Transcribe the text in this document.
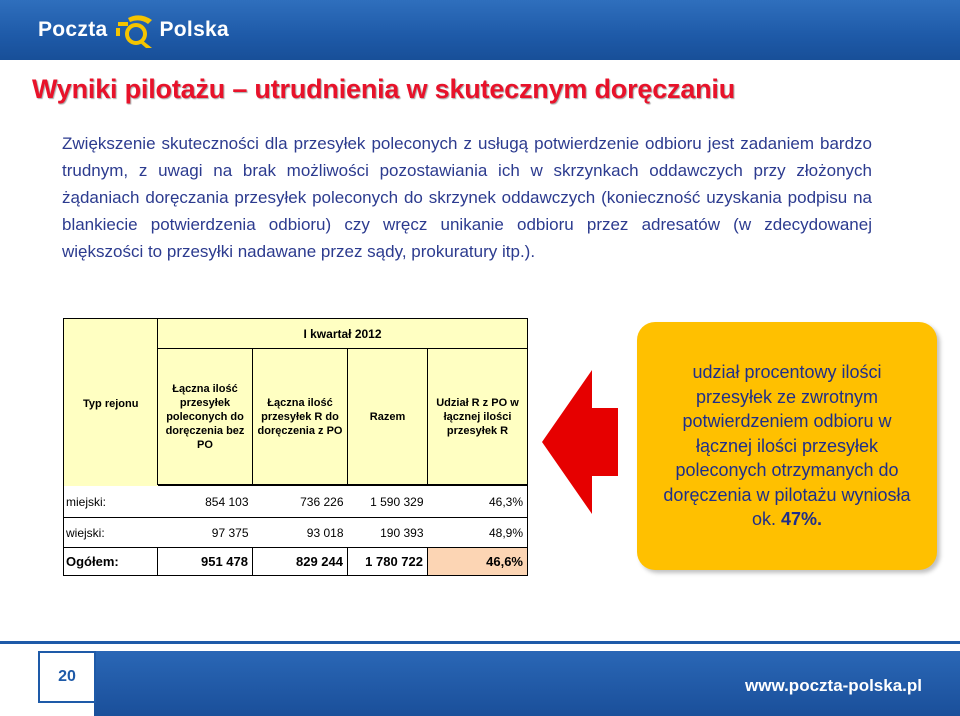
Poczta Polska
Wyniki pilotażu – utrudnienia w skutecznym doręczaniu

Zwiększenie skuteczności dla przesyłek poleconych z usługą potwierdzenie odbioru jest zadaniem bardzo trudnym, z uwagi na brak możliwości pozostawiania ich w skrzynkach oddawczych przy złożonych żądaniach doręczania przesyłek poleconych do skrzynek oddawczych (konieczność uzyskania podpisu na blankiecie potwierdzenia odbioru) czy wręcz unikanie odbioru przez adresatów (w zdecydowanej większości to przesyłki nadawane przez sądy, prokuratury itp.).

	I kwartał 2012			
	Łączna ilość przesyłek poleconych do doręczenia bez PO	Łączna ilość przesyłek R do doręczenia z PO	Razem	Udział R z PO w łącznej ilości przesyłek R

Typ rejonu				

miejski:	854 103	736 226	1 590 329	46,3%
wiejski:	97 375	93 018	190 393	48,9%
Ogółem:	951 478	829 244	1 780 722	46,6%

udział procentowy ilości przesyłek ze zwrotnym potwierdzeniem odbioru w łącznej ilości przesyłek poleconych otrzymanych do doręczenia w pilotażu wyniosła ok. 47%.

20	www.poczta-polska.pl
